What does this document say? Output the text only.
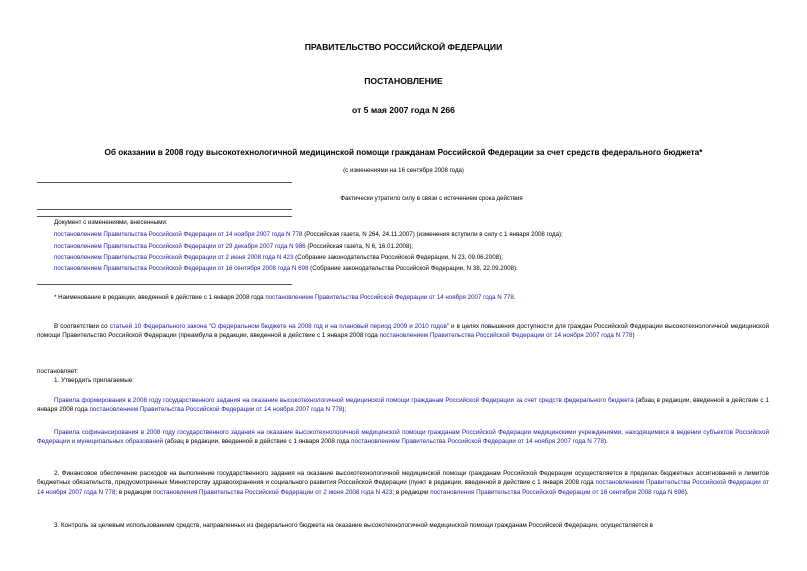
ПРАВИТЕЛЬСТВО РОССИЙСКОЙ ФЕДЕРАЦИИ
ПОСТАНОВЛЕНИЕ
от 5 мая 2007 года N 266
Об оказании в 2008 году высокотехнологичной медицинской помощи гражданам Российской Федерации за счет средств федерального бюджета*
(с изменениями на 16 сентября 2008 года)
Фактически утратило силу в связи с истечением срока действия
Документ с изменениями, внесенными:
постановлением Правительства Российской Федерации от 14 ноября 2007 года N 778 (Российская газета, N 264, 24.11.2007) (изменения вступили в силу с 1 января 2008 года);
постановлением Правительства Российской Федерации от 29 декабря 2007 года N 986 (Российская газета, N 6, 16.01.2008);
постановлением Правительства Российской Федерации от 2 июня 2008 года N 423 (Собрание законодательства Российской Федерации, N 23, 09.06.2008);
постановлением Правительства Российской Федерации от 16 сентября 2008 года N 698 (Собрание законодательства Российской Федерации, N 38, 22.09.2008).
* Наименование в редакции, введенной в действие с 1 января 2008 года постановлением Правительства Российской Федерации от 14 ноября 2007 года N 778.
В соответствии со статьей 10 Федерального закона "О федеральном бюджете на 2008 год и на плановый период 2009 и 2010 годов" и в целях повышения доступности для граждан Российской Федерации высокотехнологичной медицинской помощи Правительство Российской Федерации (преамбула в редакции, введенной в действие с 1 января 2008 года постановлением Правительства Российской Федерации от 14 ноября 2007 года N 778)
постановляет:
1. Утвердить прилагаемые:
Правила формирования в 2008 году государственного задания на оказание высокотехнологичной медицинской помощи гражданам Российской Федерации за счет средств федерального бюджета (абзац в редакции, введенной в действие с 1 января 2008 года постановлением Правительства Российской Федерации от 14 ноября 2007 года N 778);
Правила софинансирования в 2008 году государственного задания на оказание высокотехнологичной медицинской помощи гражданам Российской Федерации медицинскими учреждениями, находящимися в ведении субъектов Российской Федерации и муниципальных образований (абзац в редакции, введенной в действие с 1 января 2008 года постановлением Правительства Российской Федерации от 14 ноября 2007 года N 778).
2. Финансовое обеспечение расходов на выполнение государственного задания на оказание высокотехнологичной медицинской помощи гражданам Российской Федерации осуществляется в пределах бюджетных ассигнований и лимитов бюджетных обязательств, предусмотренных Министерству здравоохранения и социального развития Российской Федерации (пункт в редакции, введенной в действие с 1 января 2008 года постановлением Правительства Российской Федерации от 14 ноября 2007 года N 778; в редакции постановления Правительства Российской Федерации от 2 июня 2008 года N 423; в редакции постановления Правительства Российской Федерации от 16 сентября 2008 года N 698).
3. Контроль за целевым использованием средств, направленных из федерального бюджета на оказание высокотехнологичной медицинской помощи гражданам Российской Федерации, осуществляется в
